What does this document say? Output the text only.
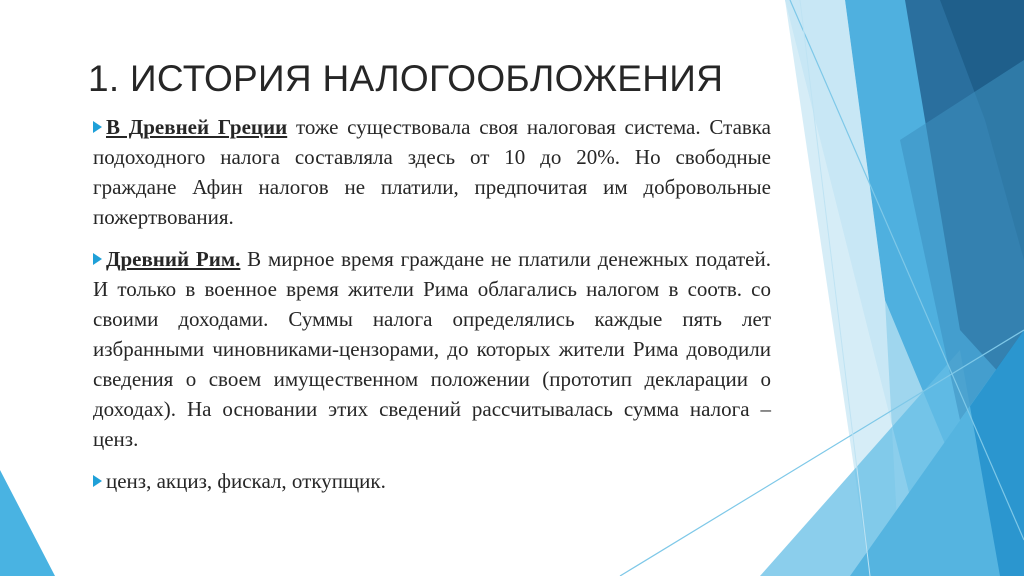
1. ИСТОРИЯ НАЛОГООБЛОЖЕНИЯ

В Древней Греции тоже существовала своя налоговая система. Ставка подоходного налога составляла здесь от 10 до 20%. Но свободные граждане Афин налогов не платили, предпочитая им добровольные пожертвования.

Древний Рим. В мирное время граждане не платили денежных податей. И только в военное время жители Рима облагались налогом в соотв. со своими доходами. Суммы налога определялись каждые пять лет избранными чиновниками-цензорами, до которых жители Рима доводили сведения о своем имущественном положении (прототип декларации о доходах). На основании этих сведений рассчитывалась сумма налога – ценз.

ценз, акциз, фискал, откупщик.
